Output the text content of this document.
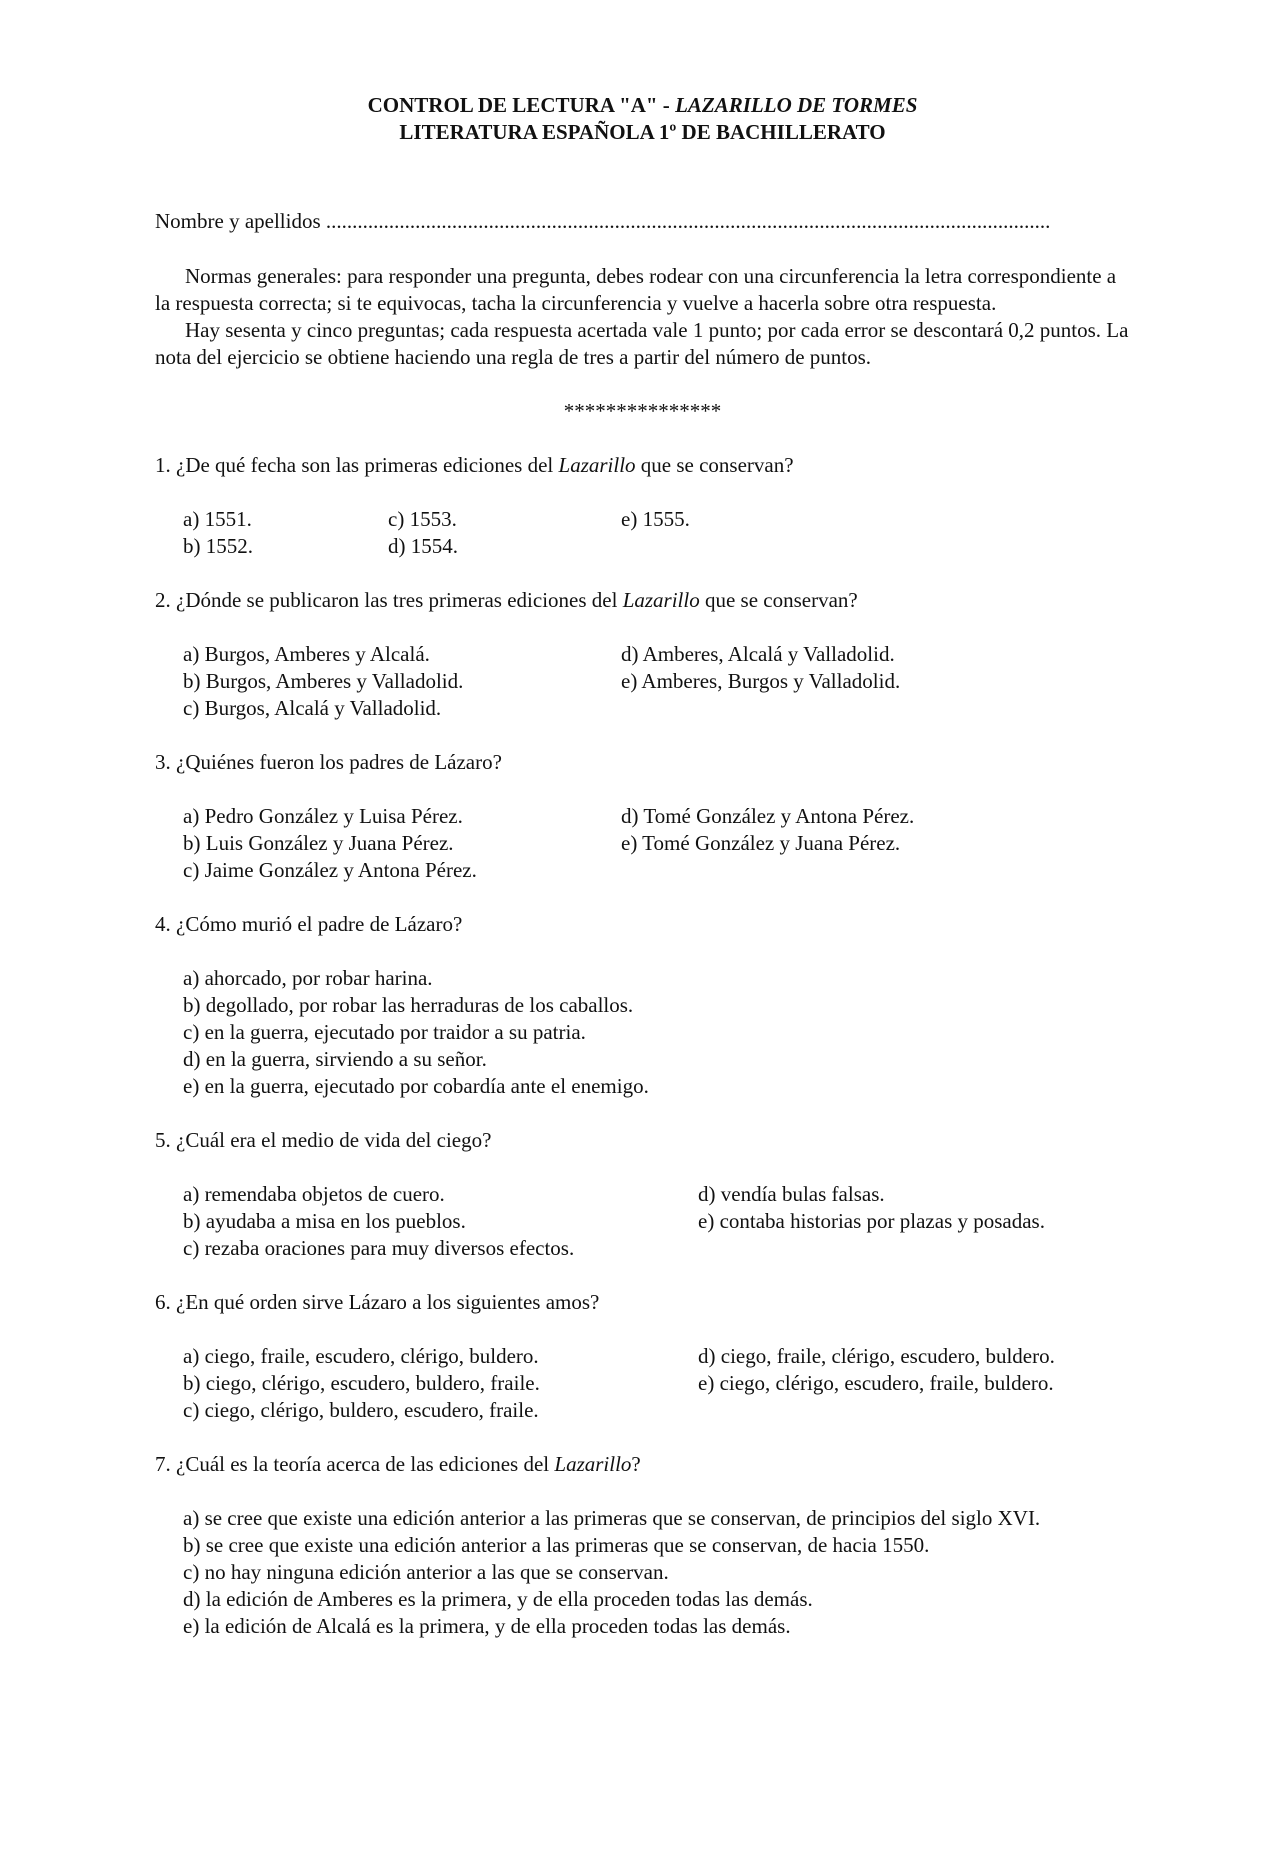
CONTROL DE LECTURA "A" - LAZARILLO DE TORMES
LITERATURA ESPAÑOLA 1º DE BACHILLERATO
Nombre y apellidos ..........................................................................................................................................

Normas generales: para responder una pregunta, debes rodear con una circunferencia la letra correspondiente a la respuesta correcta; si te equivocas, tacha la circunferencia y vuelve a hacerla sobre otra respuesta.

Hay sesenta y cinco preguntas; cada respuesta acertada vale 1 punto; por cada error se descontará 0,2 puntos. La nota del ejercicio se obtiene haciendo una regla de tres a partir del número de puntos.

***************

1. ¿De qué fecha son las primeras ediciones del Lazarillo que se conservan?

a) 1551.
b) 1552.
c) 1553.
d) 1554.
e) 1555.

2. ¿Dónde se publicaron las tres primeras ediciones del Lazarillo que se conservan?

a) Burgos, Amberes y Alcalá.
b) Burgos, Amberes y Valladolid.
c) Burgos, Alcalá y Valladolid.
d) Amberes, Alcalá y Valladolid.
e) Amberes, Burgos y Valladolid.

3. ¿Quiénes fueron los padres de Lázaro?

a) Pedro González y Luisa Pérez.
b) Luis González y Juana Pérez.
c) Jaime González y Antona Pérez.
d) Tomé González y Antona Pérez.
e) Tomé González y Juana Pérez.

4. ¿Cómo murió el padre de Lázaro?

a) ahorcado, por robar harina.
b) degollado, por robar las herraduras de los caballos.
c) en la guerra, ejecutado por traidor a su patria.
d) en la guerra, sirviendo a su señor.
e) en la guerra, ejecutado por cobardía ante el enemigo.

5. ¿Cuál era el medio de vida del ciego?

a) remendaba objetos de cuero.
b) ayudaba a misa en los pueblos.
c) rezaba oraciones para muy diversos efectos.
d) vendía bulas falsas.
e) contaba historias por plazas y posadas.

6. ¿En qué orden sirve Lázaro a los siguientes amos?

a) ciego, fraile, escudero, clérigo, buldero.
b) ciego, clérigo, escudero, buldero, fraile.
c) ciego, clérigo, buldero, escudero, fraile.
d) ciego, fraile, clérigo, escudero, buldero.
e) ciego, clérigo, escudero, fraile, buldero.

7. ¿Cuál es la teoría acerca de las ediciones del Lazarillo?

a) se cree que existe una edición anterior a las primeras que se conservan, de principios del siglo XVI.
b) se cree que existe una edición anterior a las primeras que se conservan, de hacia 1550.
c) no hay ninguna edición anterior a las que se conservan.
d) la edición de Amberes es la primera, y de ella proceden todas las demás.
e) la edición de Alcalá es la primera, y de ella proceden todas las demás.
